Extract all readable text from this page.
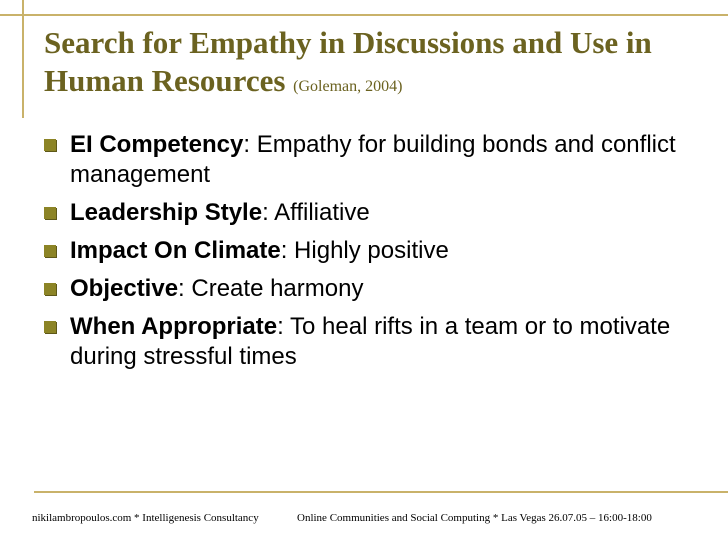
Search for Empathy in Discussions and Use in Human Resources (Goleman, 2004)
EI Competency: Empathy for building bonds and conflict management
Leadership Style: Affiliative
Impact On Climate: Highly positive
Objective: Create harmony
When Appropriate: To heal rifts in a team or to motivate during stressful times
nikilambropoulos.com * Intelligenesis Consultancy	Online Communities and Social Computing * Las Vegas 26.07.05 – 16:00-18:00
